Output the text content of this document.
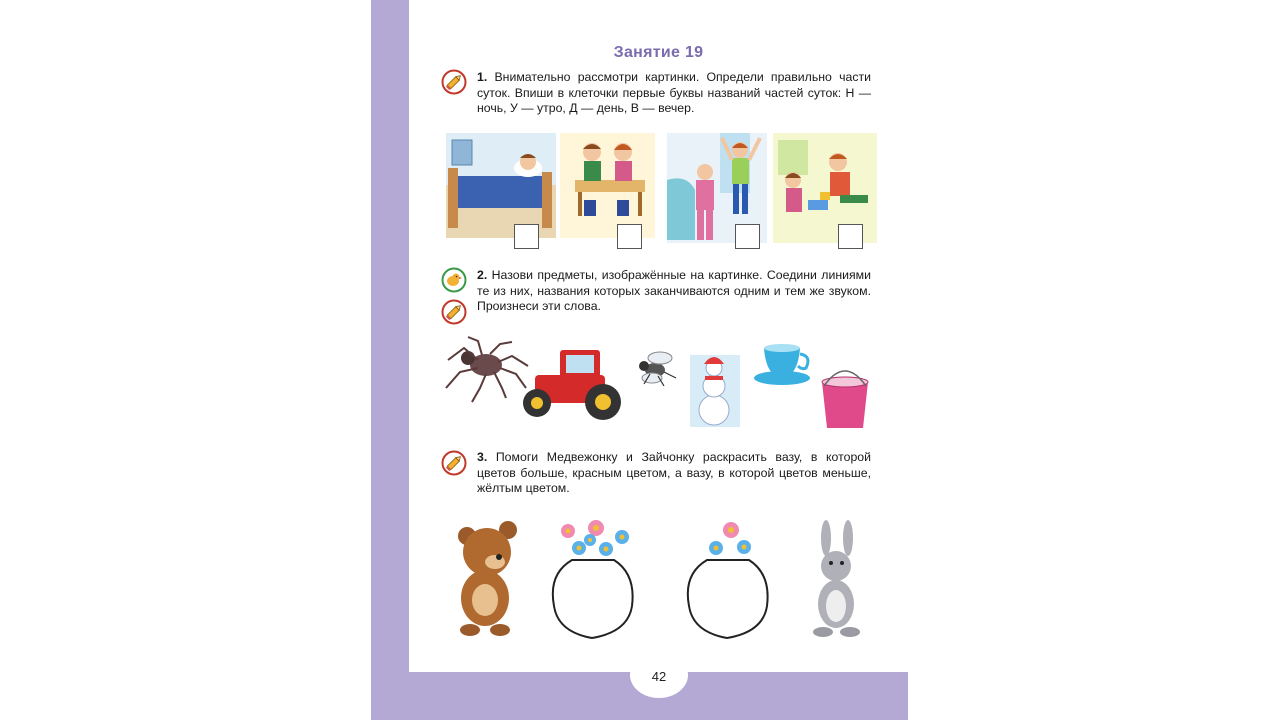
Занятие 19
1. Внимательно рассмотри картинки. Определи правильно части суток. Впиши в клеточки первые буквы названий частей суток: Н — ночь, У — утро, Д — день, В — вечер.
2. Назови предметы, изображённые на картинке. Соедини линиями те из них, названия которых заканчиваются одним и тем же звуком. Произнеси эти слова.
3. Помоги Медвежонку и Зайчонку раскрасить вазу, в которой цветов больше, красным цветом, а вазу, в которой цветов меньше, жёлтым цветом.
42
